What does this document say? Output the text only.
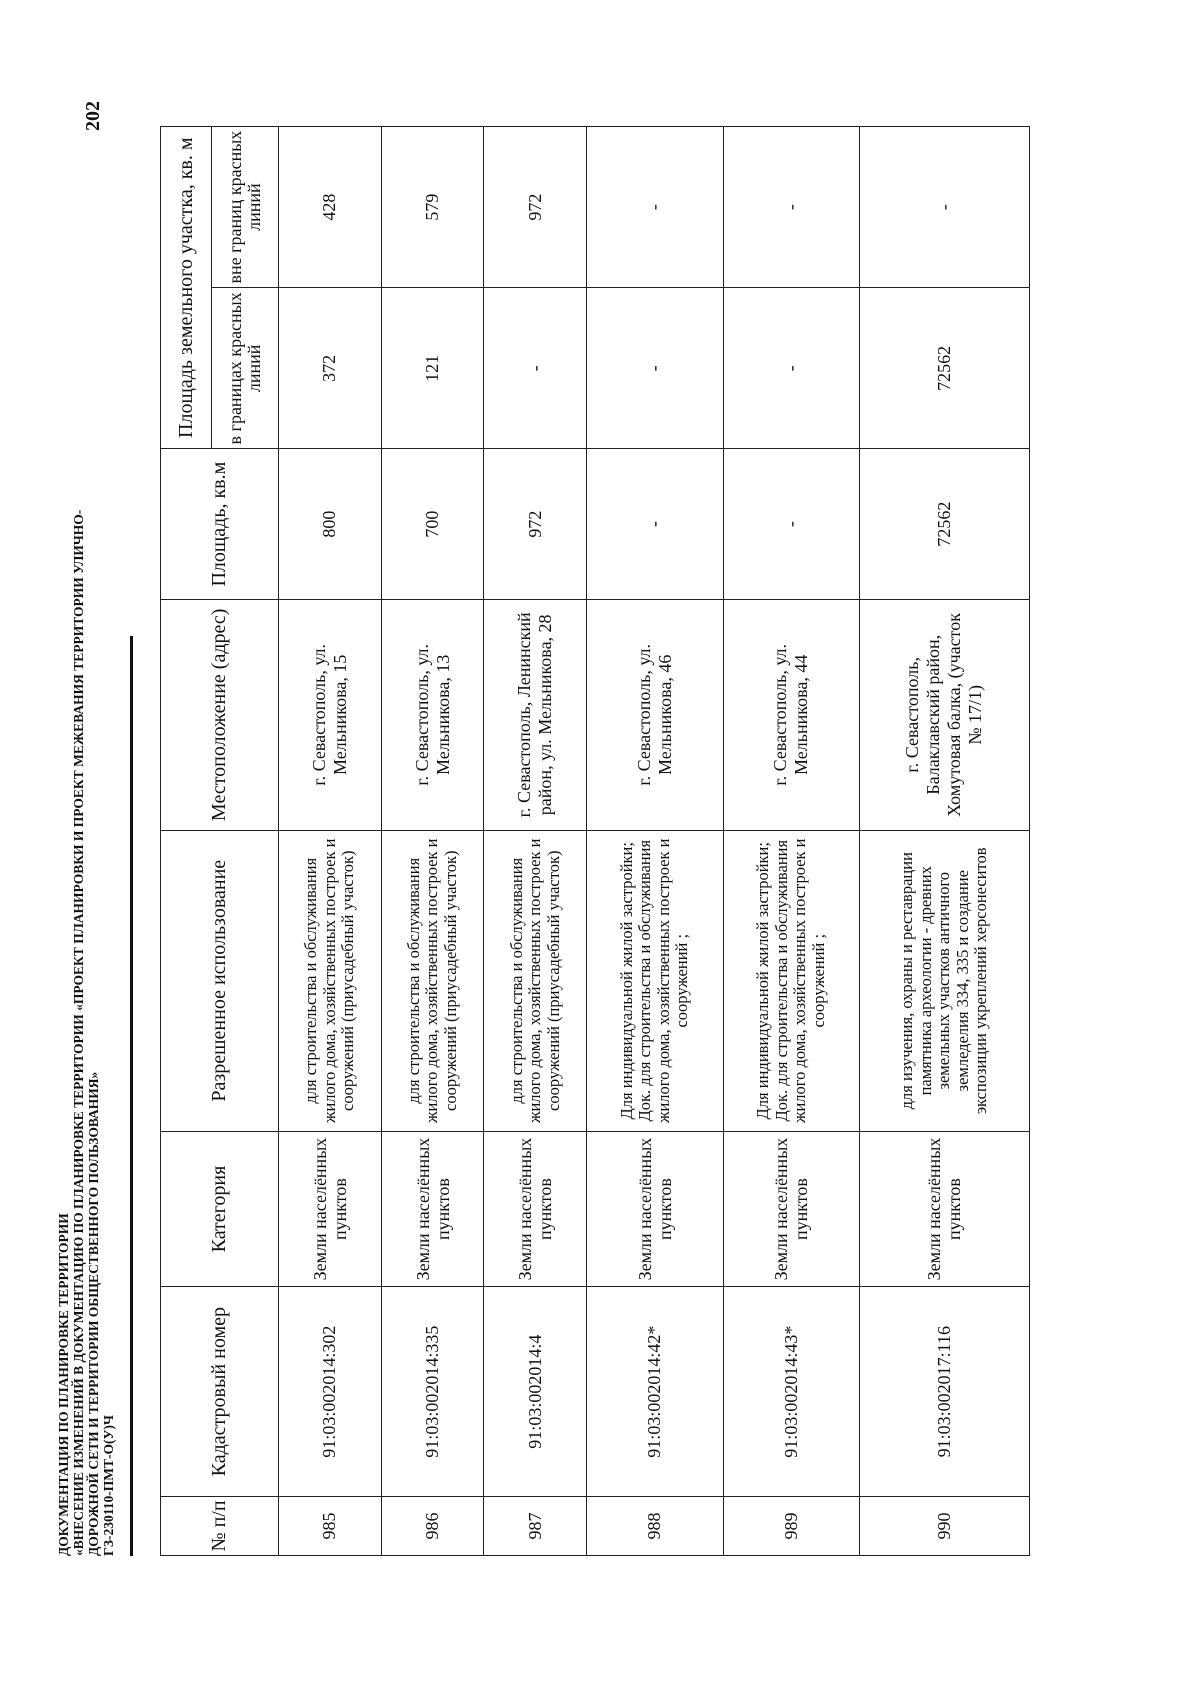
ДОКУМЕНТАЦИЯ ПО ПЛАНИРОВКЕ ТЕРРИТОРИИ «ВНЕСЕНИЕ ИЗМЕНЕНИЙ В ДОКУМЕНТАЦИЮ ПО ПЛАНИРОВКЕ ТЕРРИТОРИИ «ПРОЕКТ ПЛАНИРОВКИ И ПРОЕКТ МЕЖЕВАНИЯ ТЕРРИТОРИИ УЛИЧНО- ДОРОЖНОЙ СЕТИ И ТЕРРИТОРИИ ОБЩЕСТВЕННОГО ПОЛЬЗОВАНИЯ» ГЗ-230110-ПМТ-О(У)Ч
202
№ п/п	Кадастровый номер	Категория	Разрешенное использование	Местоположение (адрес)	Площадь, кв.м	Площадь земельного участка, кв. м	
						в границах красных линий	вне границ красных линий
985	91:03:002014:302	Земли населённых пунктов	для строительства и обслуживания жилого дома, хозяйственных построек и сооружений (приусадебный участок)	г. Севастополь, ул. Мельникова, 15	800	372	428
986	91:03:002014:335	Земли населённых пунктов	для строительства и обслуживания жилого дома, хозяйственных построек и сооружений (приусадебный участок)	г. Севастополь, ул. Мельникова, 13	700	121	579
987	91:03:002014:4	Земли населённых пунктов	для строительства и обслуживания жилого дома, хозяйственных построек и сооружений (приусадебный участок)	г. Севастополь, Ленинский район, ул. Мельникова, 28	972	-	972
988	91:03:002014:42*	Земли населённых пунктов	Для индивидуальной жилой застройки; Док. для строительства и обслуживания жилого дома, хозяйственных построек и сооружений ;	г. Севастополь, ул. Мельникова, 46	-	-	-
989	91:03:002014:43*	Земли населённых пунктов	Для индивидуальной жилой застройки; Док. для строительства и обслуживания жилого дома, хозяйственных построек и сооружений ;	г. Севастополь, ул. Мельникова, 44	-	-	-
990	91:03:002017:116	Земли населённых пунктов	для изучения, охраны и реставрации памятника археологии - древних земельных участков античного земледелия 334, 335 и создание экспозиции укреплений херсонеситов	г. Севастополь, Балаклавский район, Хомутовая балка, (участок № 17/1)	72562	72562	-
